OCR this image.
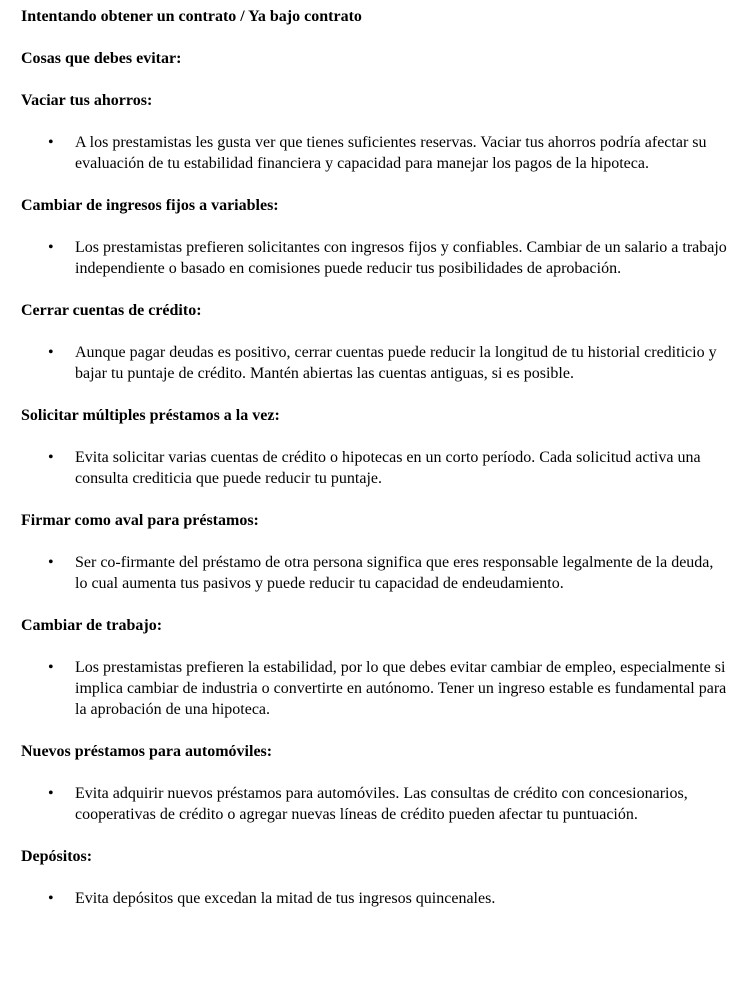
Intentando obtener un contrato / Ya bajo contrato

Cosas que debes evitar:

Vaciar tus ahorros:

• A los prestamistas les gusta ver que tienes suficientes reservas. Vaciar tus ahorros podría afectar su evaluación de tu estabilidad financiera y capacidad para manejar los pagos de la hipoteca.

Cambiar de ingresos fijos a variables:

• Los prestamistas prefieren solicitantes con ingresos fijos y confiables. Cambiar de un salario a trabajo independiente o basado en comisiones puede reducir tus posibilidades de aprobación.

Cerrar cuentas de crédito:

• Aunque pagar deudas es positivo, cerrar cuentas puede reducir la longitud de tu historial crediticio y bajar tu puntaje de crédito. Mantén abiertas las cuentas antiguas, si es posible.

Solicitar múltiples préstamos a la vez:

• Evita solicitar varias cuentas de crédito o hipotecas en un corto período. Cada solicitud activa una consulta crediticia que puede reducir tu puntaje.

Firmar como aval para préstamos:

• Ser co-firmante del préstamo de otra persona significa que eres responsable legalmente de la deuda, lo cual aumenta tus pasivos y puede reducir tu capacidad de endeudamiento.

Cambiar de trabajo:

• Los prestamistas prefieren la estabilidad, por lo que debes evitar cambiar de empleo, especialmente si implica cambiar de industria o convertirte en autónomo. Tener un ingreso estable es fundamental para la aprobación de una hipoteca.

Nuevos préstamos para automóviles:

• Evita adquirir nuevos préstamos para automóviles. Las consultas de crédito con concesionarios, cooperativas de crédito o agregar nuevas líneas de crédito pueden afectar tu puntuación.

Depósitos:

• Evita depósitos que excedan la mitad de tus ingresos quincenales.
